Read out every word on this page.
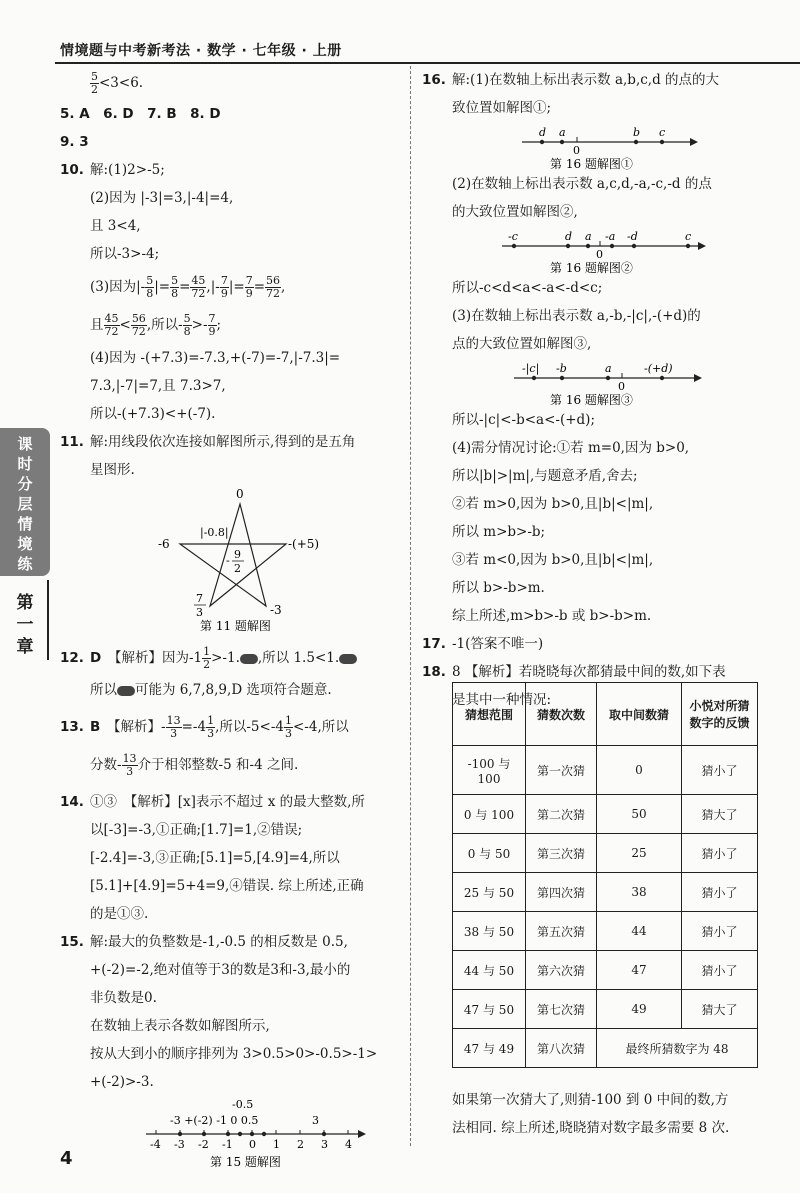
情境题与中考新考法 · 数学 · 七年级 · 上册
课
时
分
层
情
境
练
第
一
章
$\frac{5}{2} <3<6$.
5. A　6. D　7. B　8. D
9. 3
10. 解:(1)2>-5;
(2)因为 |-3|=3,|-4|=4,
且 3<4,
所以-3>-4;
(3)因为|- $\frac{5}{8}$ |= $\frac{5}{8} = \frac{45}{72}$ ,|- $\frac{7}{9}$ |= $\frac{7}{9} = \frac{56}{72}$ ,
且 $\frac{45}{72} < \frac{56}{72}$ ,所以- $\frac{5}{8} >- \frac{7}{9}$ ;
(4)因为 -(+7.3)=-7.3,+(-7)=-7,|-7.3|=
7.3,|-7|=7,且 7.3>7,
所以-(+7.3)<+(-7).
11. 解:用线段依次连接如解图所示,得到的是五角
星图形.
0
-6	-(+5)
|-0.8|
- 9
2
7
3	-3
第 11 题解图
12. D　 【解析】因为$-1 \frac{1}{2} >-1$. ,所以 1.5<1.
所以 可能为 6,7,8,9,D 选项符合题意.
13. B　 【解析】- $\frac{13}{3} =-4 \frac{1}{3}$ ,所以$-5<-4 \frac{1}{3} <-4$,所以
分数- $\frac{13}{3}$ 介于相邻整数-5 和-4 之间.
14. ①③　 【解析】[x]表示不超过 x 的最大整数,所
以[-3]=-3,①正确;[1.7]=1,②错误;
[-2.4]=-3,③正确;[5.1]=5,[4.9]=4,所以
[5.1]+[4.9]=5+4=9,④错误. 综上所述,正确
的是①③.
15. 解:最大的负整数是-1,-0.5 的相反数是 0.5,
+(-2)=-2,绝对值等于3的数是3和-3,最小的
非负数是0.
在数轴上表示各数如解图所示,
按从大到小的顺序排列为 3>0.5>0>-0.5>-1>
+(-2)>-3.
-0.5
-3 +(-2) -1 0 0.5	3
-4 -3 -2 -1 0 1 2 3 4
第 15 题解图
16. 解:(1)在数轴上标出表示数 a,b,c,d 的点的大
致位置如解图①;
d a	b c
0
第 16 题解图①
(2)在数轴上标出表示数 a,c,d,-a,-c,-d 的点
的大致位置如解图②,
-c	d a -a -d	c
0
第 16 题解图②
所以-c<d<a<-a<-d<c;
(3)在数轴上标出表示数 a,-b,-|c|,-(+d)的
点的大致位置如解图③,
-|c| -b	a	-(+d)
0
第 16 题解图③
所以-|c|<-b<a<-(+d);
(4)需分情况讨论:①若 m=0,因为 b>0,
所以|b|>|m|,与题意矛盾,舍去;
②若 m>0,因为 b>0,且|b|<|m|,
所以 m>b>-b;
③若 m<0,因为 b>0,且|b|<|m|,
所以 b>-b>m.
综上所述,m>b>-b 或 b>-b>m.
17. -1(答案不唯一)
18. 8 【解析】若晓晓每次都猜最中间的数,如下表
是其中一种情况:
猜想范围	猜数次数	取中间数猜	小悦对所猜数字的反馈
-100 与 100	第一次猜	0	猜小了
0 与 100	第二次猜	50	猜大了
0 与 50	第三次猜	25	猜小了
25 与 50	第四次猜	38	猜小了
38 与 50	第五次猜	44	猜小了
44 与 50	第六次猜	47	猜小了
47 与 50	第七次猜	49	猜大了
47 与 49	第八次猜	最终所猜数字为 48	
如果第一次猜大了,则猜-100 到 0 中间的数,方
法相同. 综上所述,晓晓猜对数字最多需要 8 次.
4
